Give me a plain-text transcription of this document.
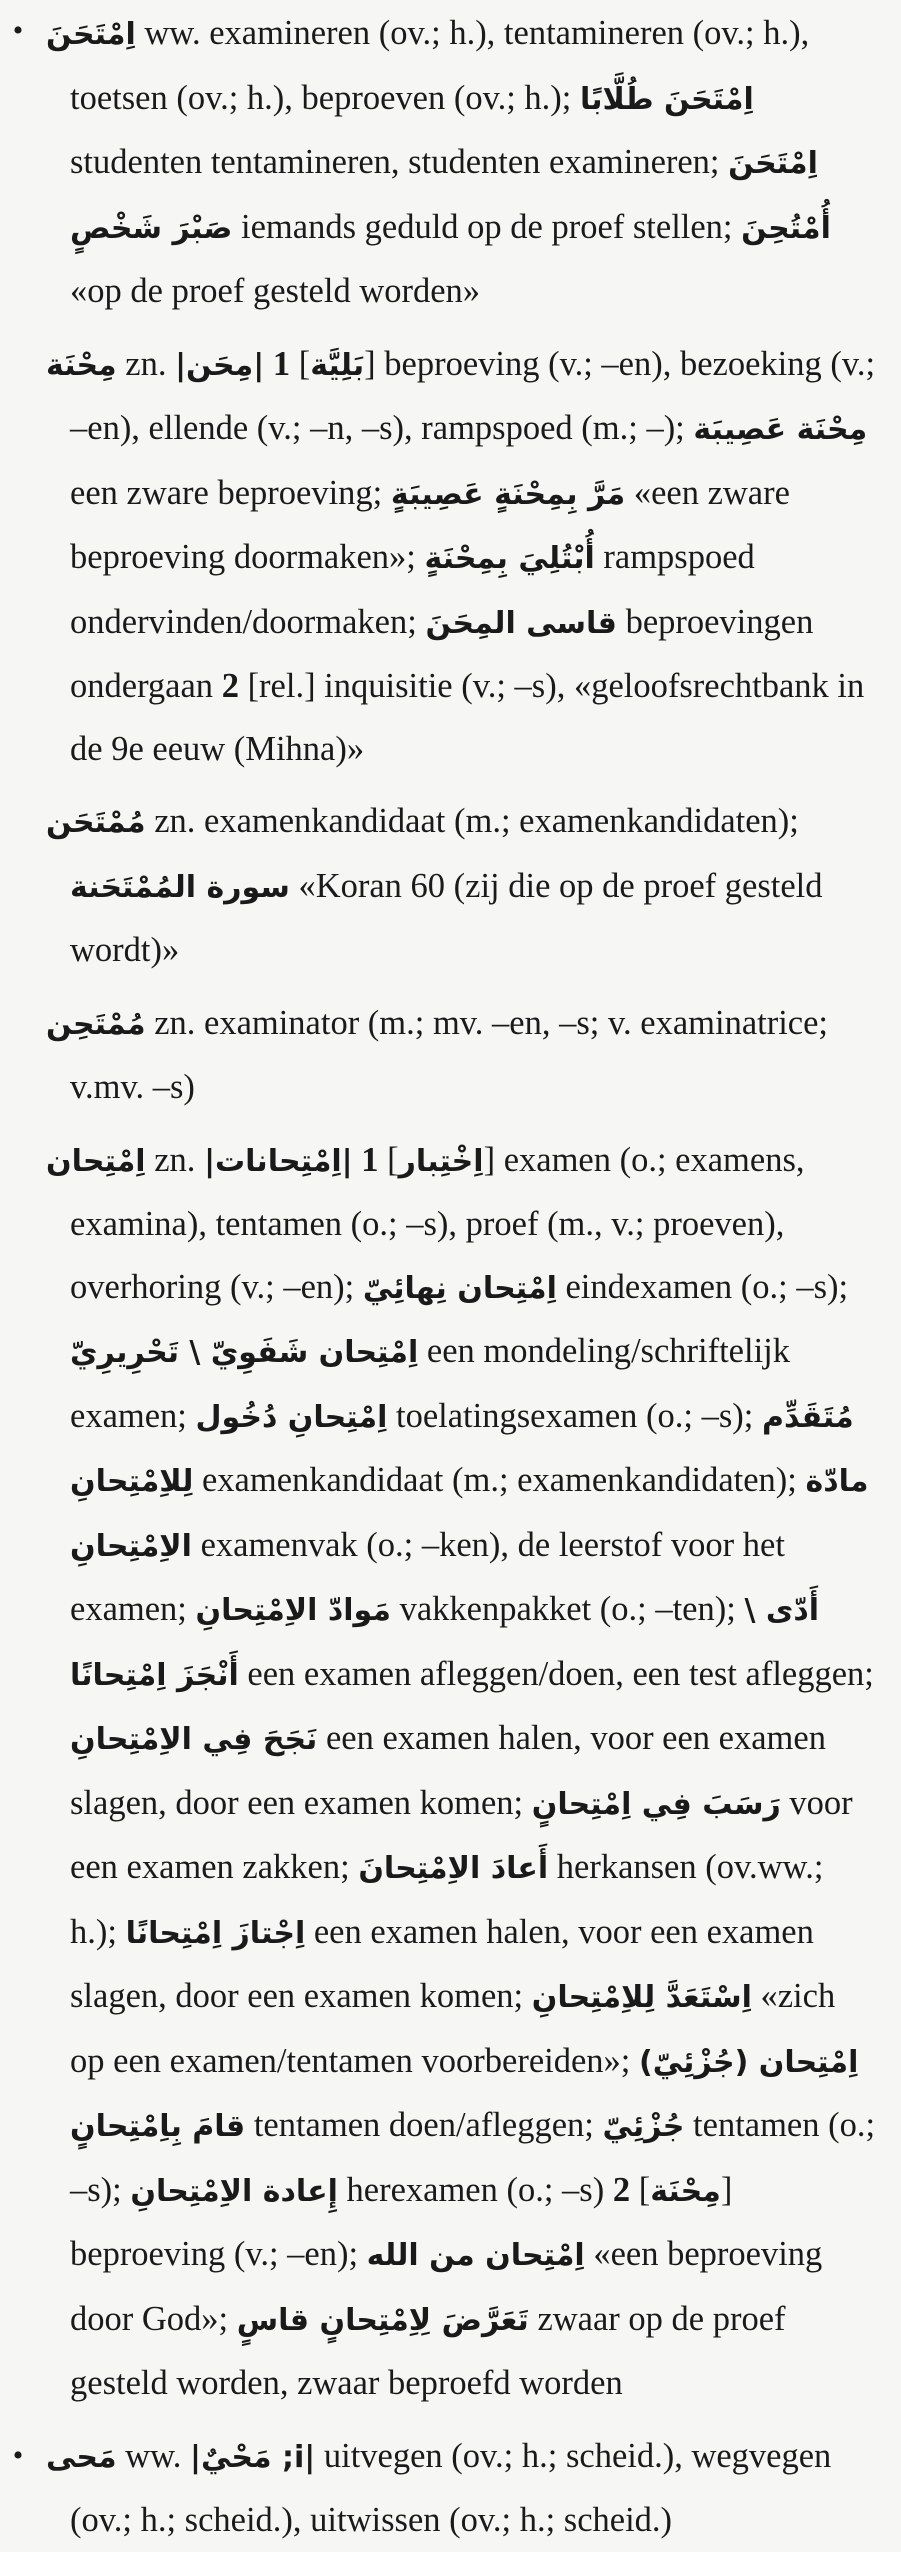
• اِمْتَحَنَ ww. examineren (ov.; h.), tentamineren (ov.; h.), toetsen (ov.; h.), beproeven (ov.; h.); اِمْتَحَنَ طُلَّابًا studenten tentamineren, studenten examineren; اِمْتَحَنَ صَبْرَ شَخْصٍ iemands geduld op de proef stellen; أُمْتُحِنَ «op de proef gesteld worden»
مِحْنَة zn. |مِحَن| 1 [بَلِيَّة] beproeving (v.; –en), bezoeking (v.; –en), ellende (v.; –n, –s), rampspoed (m.; –); مِحْنَة عَصِيبَة een zware beproeving; مَرَّ بِمِحْنَةٍ عَصِيبَةٍ «een zware beproeving doormaken»; أُبْتُلِيَ بِمِحْنَةٍ rampspoed ondervinden/doormaken; قاسى المِحَنَ beproevingen ondergaan 2 [rel.] inquisitie (v.; –s), «geloofsrechtbank in de 9e eeuw (Mihna)»
مُمْتَحَن zn. examenkandidaat (m.; examenkandidaten); سورة المُمْتَحَنة «Koran 60 (zij die op de proef gesteld wordt)»
مُمْتَحِن zn. examinator (m.; mv. –en, –s; v. examinatrice; v.mv. –s)
اِمْتِحان zn. |اِمْتِحانات| 1 [اِخْتِبار] examen (o.; examens, examina), tentamen (o.; –s), proef (m., v.; proeven), overhoring (v.; –en); اِمْتِحان نِهائِيّ eindexamen (o.; –s); اِمْتِحان شَفَوِيّ \ تَحْرِيرِيّ een mondeling/schriftelijk examen; اِمْتِحانِ دُخُول toelatingsexamen (o.; –s); مُتَقَدِّم لِلاِمْتِحانِ examenkandidaat (m.; examenkandidaten); مادّة الاِمْتِحانِ examenvak (o.; –ken), de leerstof voor het examen; مَوادّ الاِمْتِحانِ vakkenpakket (o.; –ten); أَدّى \ أَنْجَزَ اِمْتِحانًا een examen afleggen/doen, een test afleggen; نَجَحَ فِي الاِمْتِحانِ een examen halen, voor een examen slagen, door een examen komen; رَسَبَ فِي اِمْتِحانٍ voor een examen zakken; أَعادَ الاِمْتِحانَ herkansen (ov.ww.; h.); اِجْتازَ اِمْتِحانًا een examen halen, voor een examen slagen, door een examen komen; اِسْتَعَدَّ لِلاِمْتِحانِ «zich op een examen/tentamen voorbereiden»; اِمْتِحان (جُزْئِيّ) قامَ بِاِمْتِحانٍ tentamen doen/afleggen; جُزْئِيّ tentamen (o.; –s); إِعادة الاِمْتِحانِ herexamen (o.; –s) 2 [مِحْنَة] beproeving (v.; –en); اِمْتِحان من الله «een beproeving door God»; تَعَرَّضَ لِاِمْتِحانٍ قاسٍ zwaar op de proef gesteld worden, zwaar beproefd worden
• مَحى ww. |i; مَحْيٌ| uitvegen (ov.; h.; scheid.), wegvegen (ov.; h.; scheid.), uitwissen (ov.; h.; scheid.)
